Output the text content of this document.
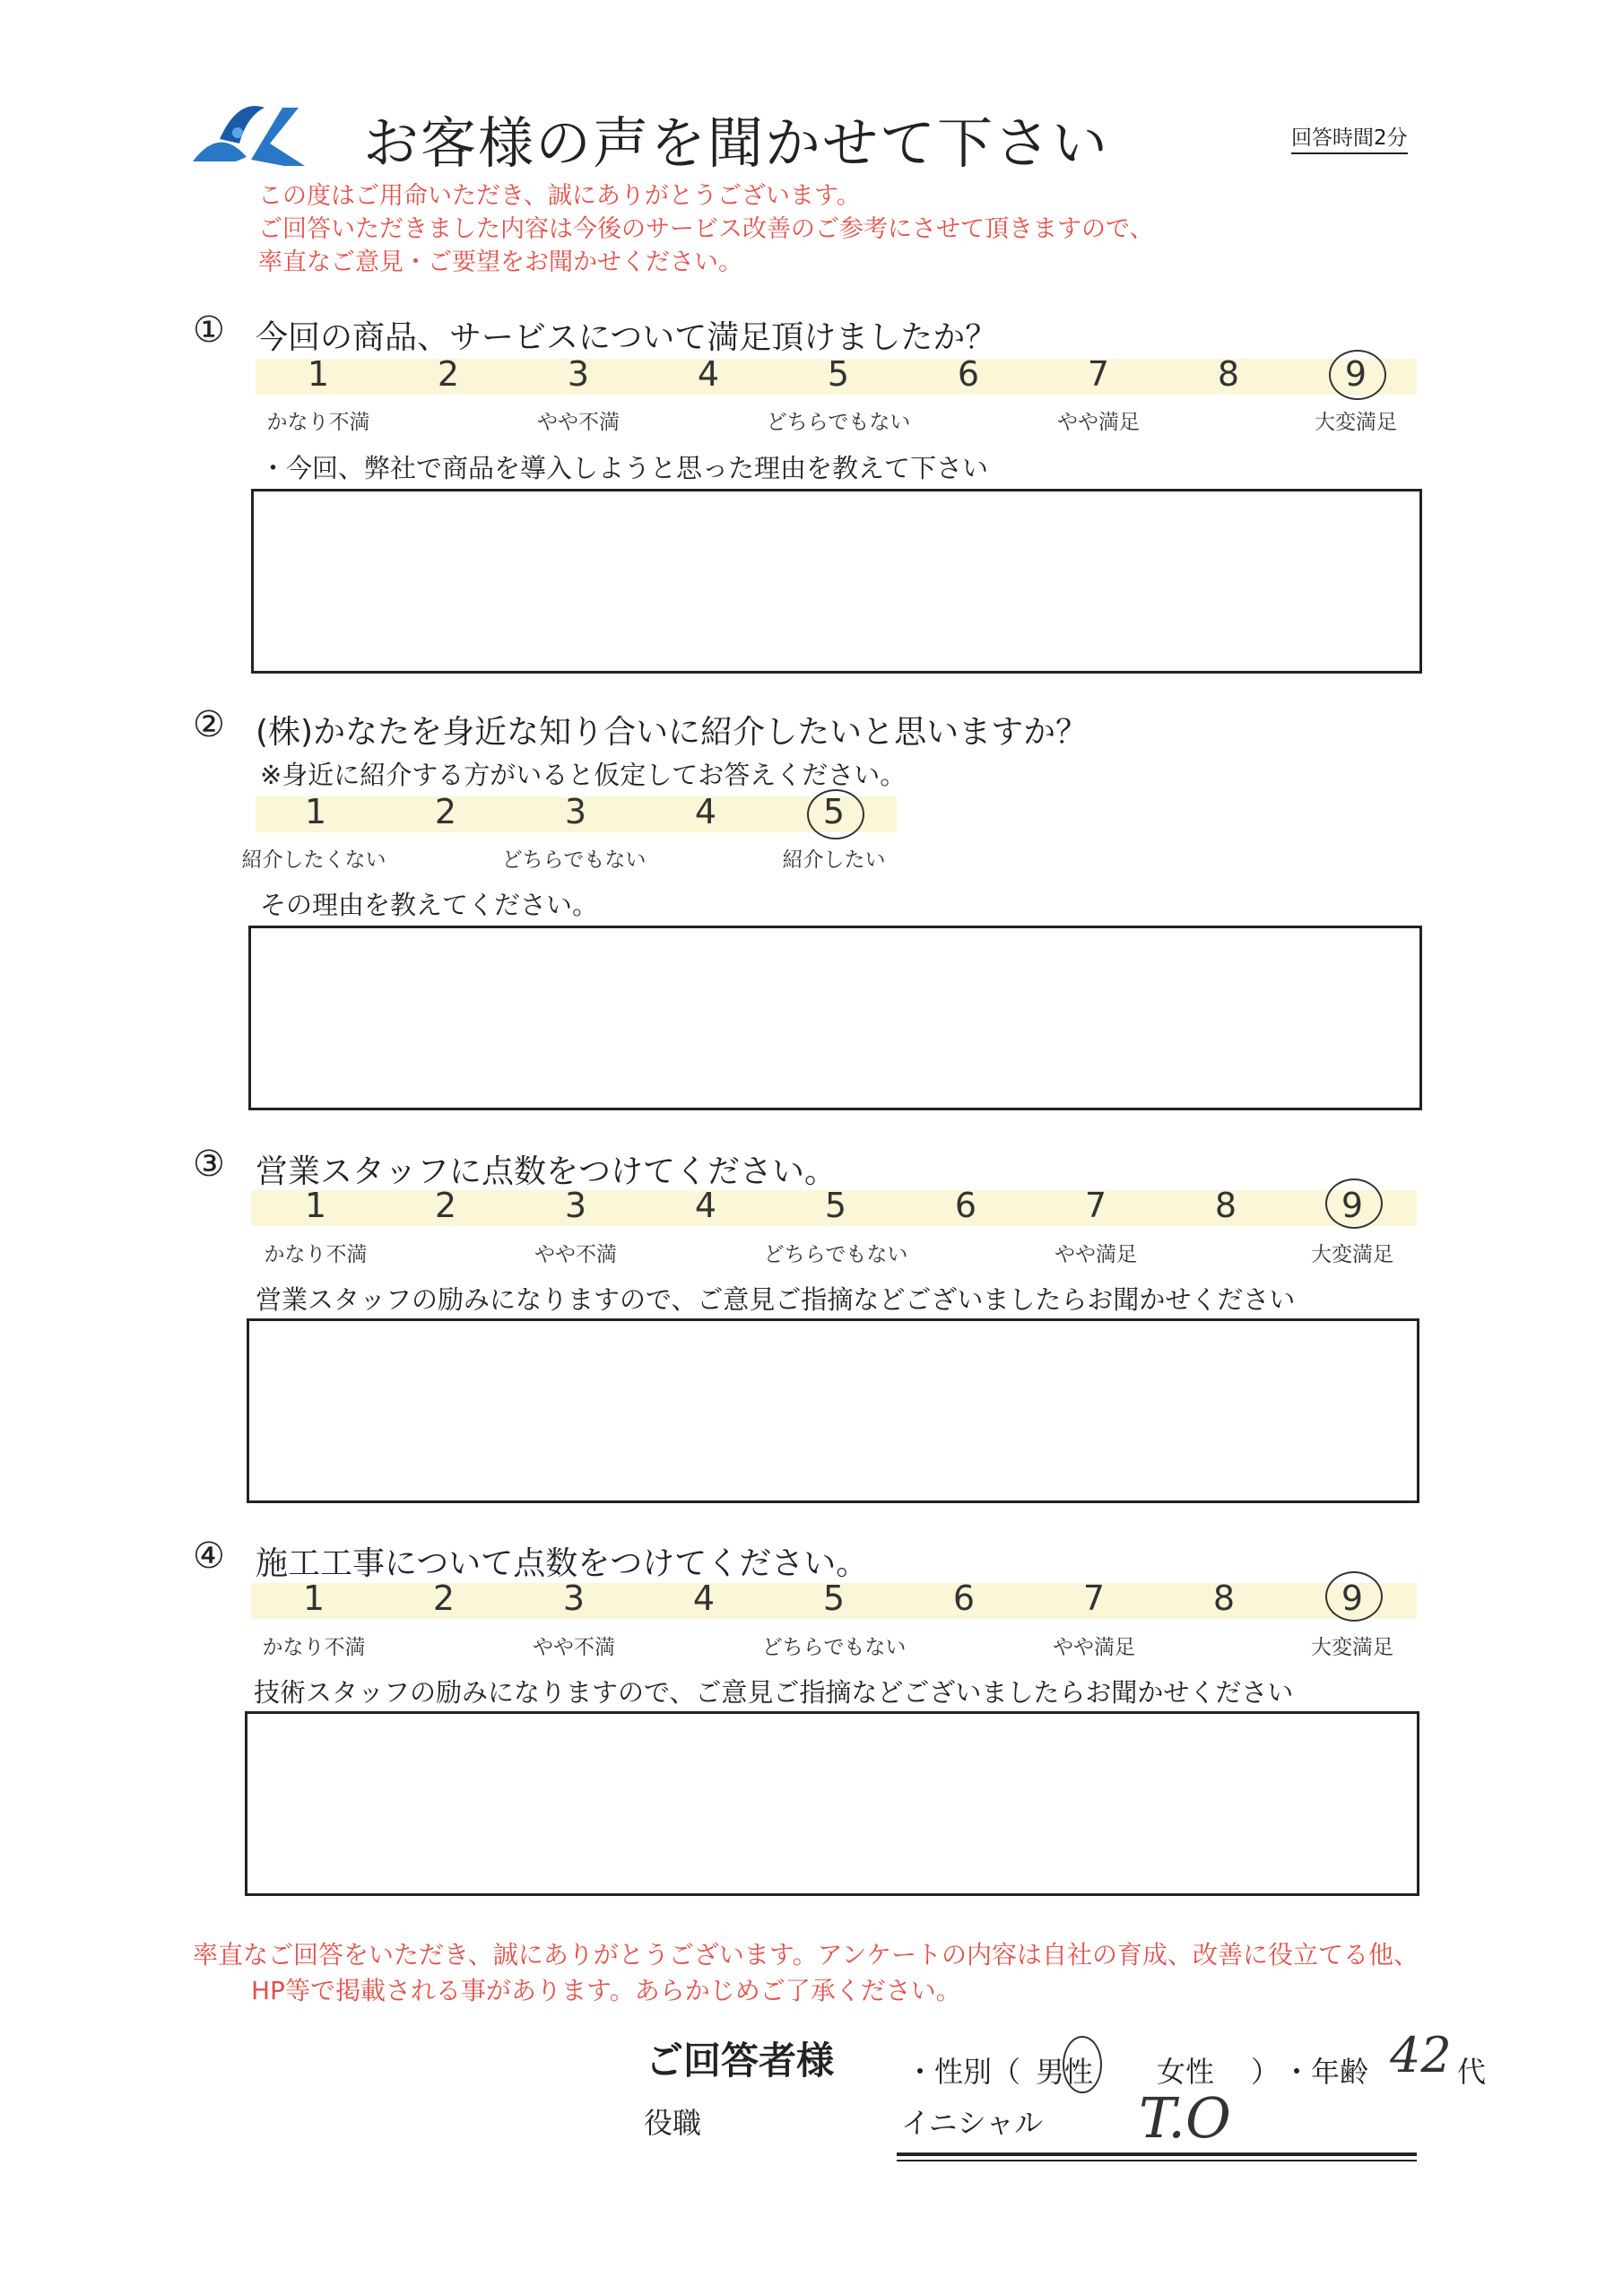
お客様の声を聞かせて下さい	回答時間2分
この度はご用命いただき、誠にありがとうございます。
ご回答いただきました内容は今後のサービス改善のご参考にさせて頂きますので、
率直なご意見・ご要望をお聞かせください。
① 今回の商品、サービスについて満足頂けましたか？
1	2	3	4	5	6	7	8	9
かなり不満	やや不満	どちらでもない	やや満足	大変満足
・今回、弊社で商品を導入しようと思った理由を教えて下さい
② (株)かなたを身近な知り合いに紹介したいと思いますか？
※身近に紹介する方がいると仮定してお答えください。
1	2	3	4	5
紹介したくない	どちらでもない	紹介したい
その理由を教えてください。
③ 営業スタッフに点数をつけてください。
1	2	3	4	5	6	7	8	9
かなり不満	やや不満	どちらでもない	やや満足	大変満足
営業スタッフの励みになりますので、ご意見ご指摘などございましたらお聞かせください
④ 施工工事について点数をつけてください。
1	2	3	4	5	6	7	8	9
かなり不満	やや不満	どちらでもない	やや満足	大変満足
技術スタッフの励みになりますので、ご意見ご指摘などございましたらお聞かせください
率直なご回答をいただき、誠にありがとうございます。アンケートの内容は自社の育成、改善に役立てる他、
HP等で掲載される事があります。あらかじめご了承ください。
ご回答者様 ・性別（ 男性 女性 ） ・年齢 42 代
役職	イニシャル T.O
